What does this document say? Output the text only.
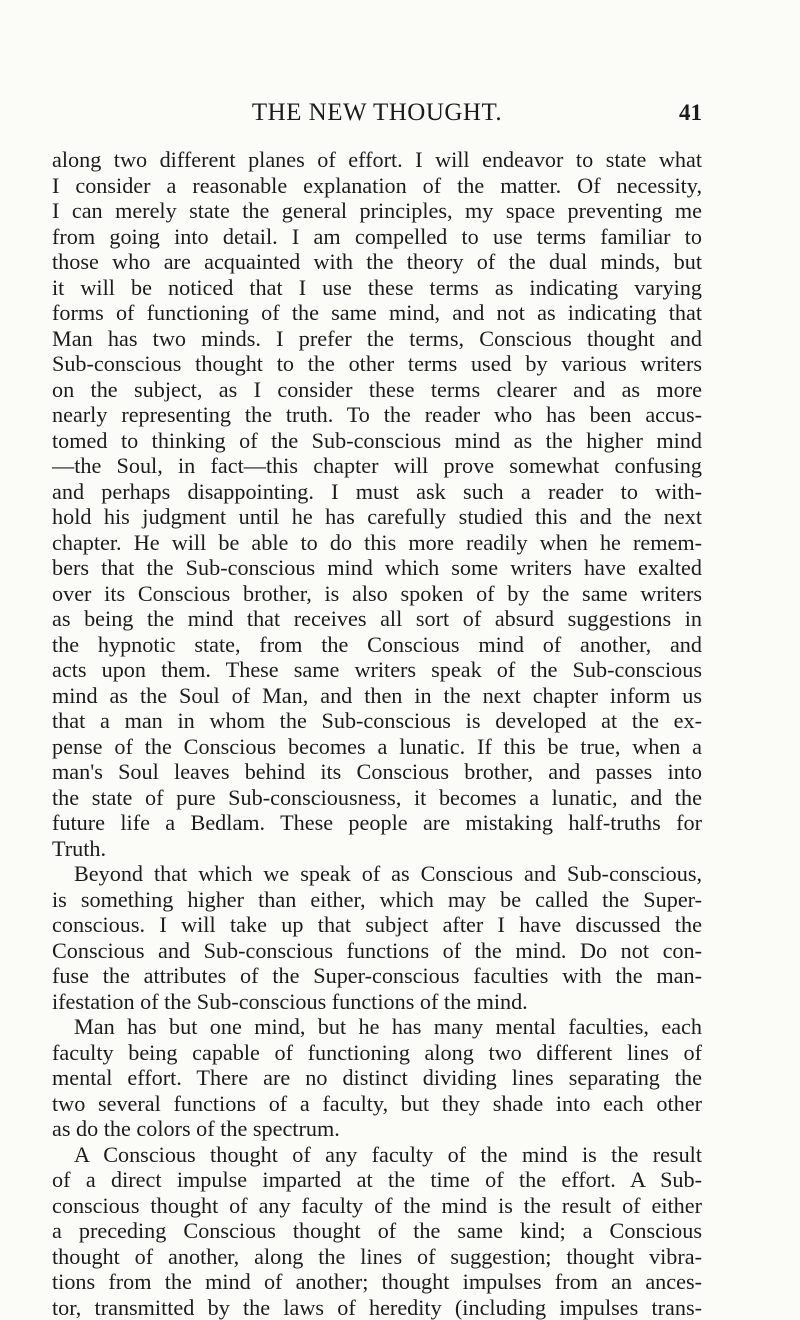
THE NEW THOUGHT.	41

along two different planes of effort. I will endeavor to state what

I consider a reasonable explanation of the matter. Of necessity,

I can merely state the general principles, my space preventing me

from going into detail. I am compelled to use terms familiar to

those who are acquainted with the theory of the dual minds, but

it will be noticed that I use these terms as indicating varying

forms of functioning of the same mind, and not as indicating that

Man has two minds. I prefer the terms, Conscious thought and

Sub-conscious thought to the other terms used by various writers

on the subject, as I consider these terms clearer and as more

nearly representing the truth. To the reader who has been accus-

tomed to thinking of the Sub-conscious mind as the higher mind

—the Soul, in fact—this chapter will prove somewhat confusing

and perhaps disappointing. I must ask such a reader to with-

hold his judgment until he has carefully studied this and the next

chapter. He will be able to do this more readily when he remem-

bers that the Sub-conscious mind which some writers have exalted

over its Conscious brother, is also spoken of by the same writers

as being the mind that receives all sort of absurd suggestions in

the hypnotic state, from the Conscious mind of another, and

acts upon them. These same writers speak of the Sub-conscious

mind as the Soul of Man, and then in the next chapter inform us

that a man in whom the Sub-conscious is developed at the ex-

pense of the Conscious becomes a lunatic. If this be true, when a

man's Soul leaves behind its Conscious brother, and passes into

the state of pure Sub-consciousness, it becomes a lunatic, and the

future life a Bedlam. These people are mistaking half-truths for

Truth.

Beyond that which we speak of as Conscious and Sub-conscious,

is something higher than either, which may be called the Super-

conscious. I will take up that subject after I have discussed the

Conscious and Sub-conscious functions of the mind. Do not con-

fuse the attributes of the Super-conscious faculties with the man-

ifestation of the Sub-conscious functions of the mind.

Man has but one mind, but he has many mental faculties, each

faculty being capable of functioning along two different lines of

mental effort. There are no distinct dividing lines separating the

two several functions of a faculty, but they shade into each other

as do the colors of the spectrum.

A Conscious thought of any faculty of the mind is the result

of a direct impulse imparted at the time of the effort. A Sub-

conscious thought of any faculty of the mind is the result of either

a preceding Conscious thought of the same kind; a Conscious

thought of another, along the lines of suggestion; thought vibra-

tions from the mind of another; thought impulses from an ances-

tor, transmitted by the laws of heredity (including impulses trans-
